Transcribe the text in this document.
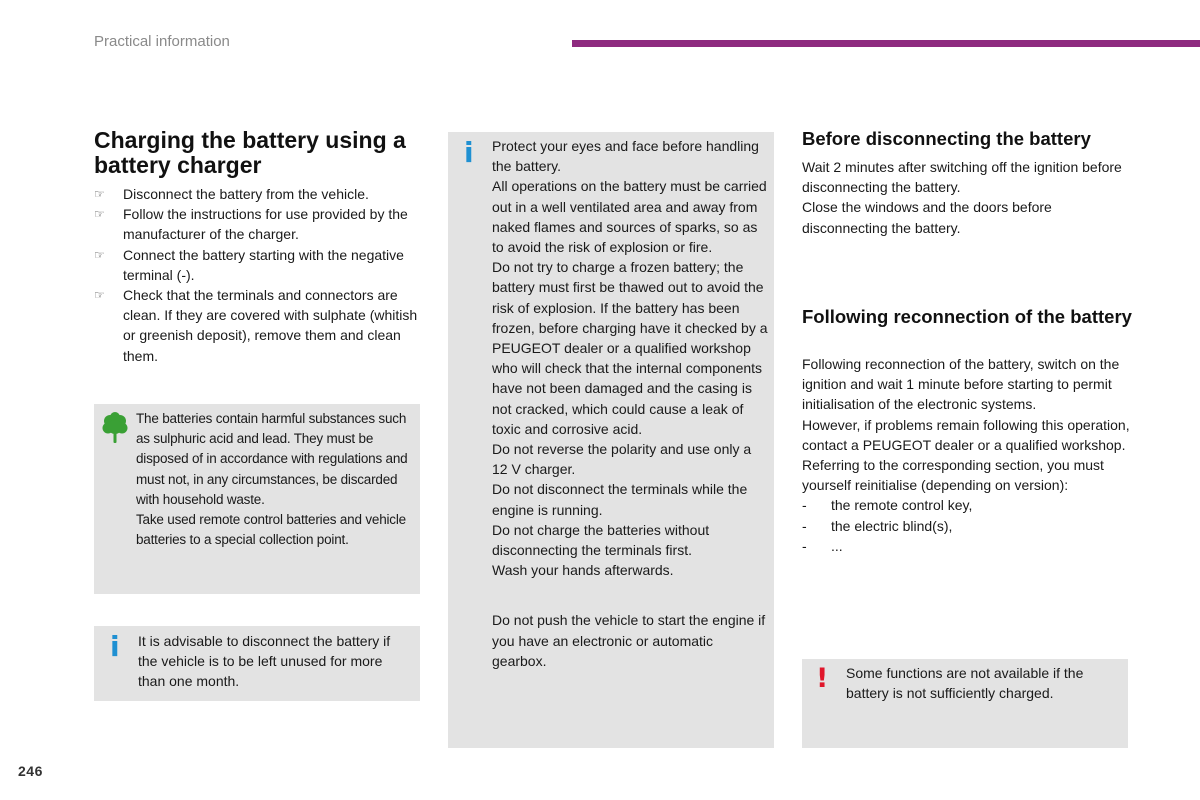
Practical information
Charging the battery using a battery charger
☞	Disconnect the battery from the vehicle.
☞	Follow the instructions for use provided by the manufacturer of the charger.
☞	Connect the battery starting with the negative terminal (-).
☞	Check that the terminals and connectors are clean. If they are covered with sulphate (whitish or greenish deposit), remove them and clean them.

The batteries contain harmful substances such as sulphuric acid and lead. They must be disposed of in accordance with regulations and must not, in any circumstances, be discarded with household waste.

Take used remote control batteries and vehicle batteries to a special collection point.

i It is advisable to disconnect the battery if the vehicle is to be left unused for more than one month.
i Protect your eyes and face before handling the battery.

All operations on the battery must be carried out in a well ventilated area and away from naked flames and sources of sparks, so as to avoid the risk of explosion or fire.

Do not try to charge a frozen battery; the battery must first be thawed out to avoid the risk of explosion. If the battery has been frozen, before charging have it checked by a PEUGEOT dealer or a qualified workshop who will check that the internal components have not been damaged and the casing is not cracked, which could cause a leak of toxic and corrosive acid.

Do not reverse the polarity and use only a 12 V charger.

Do not disconnect the terminals while the engine is running.

Do not charge the batteries without disconnecting the terminals first.

Wash your hands afterwards.

Do not push the vehicle to start the engine if you have an electronic or automatic gearbox.

Before disconnecting the battery

Wait 2 minutes after switching off the ignition before disconnecting the battery.

Close the windows and the doors before disconnecting the battery.

Following reconnection of the battery

Following reconnection of the battery, switch on the ignition and wait 1 minute before starting to permit initialisation of the electronic systems.

However, if problems remain following this operation, contact a PEUGEOT dealer or a qualified workshop.

Referring to the corresponding section, you must yourself reinitialise (depending on version):

- the remote control key,
- the electric blind(s),
- ...
! Some functions are not available if the battery is not sufficiently charged.
246
